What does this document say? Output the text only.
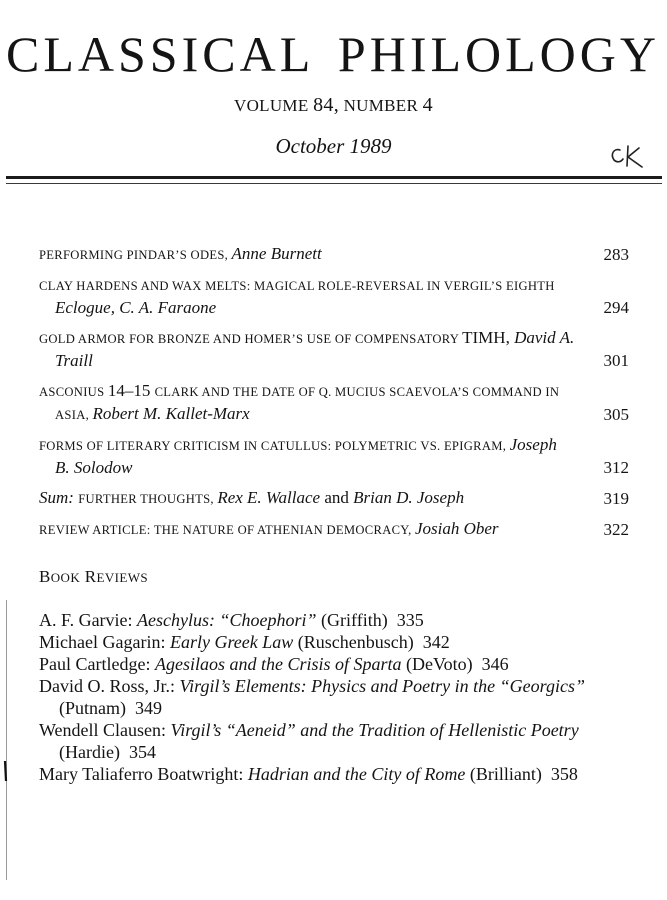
CLASSICAL PHILOLOGY
VOLUME 84, NUMBER 4
October 1989
PERFORMING PINDAR’S ODES, Anne Burnett	283
CLAY HARDENS AND WAX MELTS: MAGICAL ROLE-REVERSAL IN VERGIL’S EIGHTH Eclogue, C. A. Faraone	294
GOLD ARMOR FOR BRONZE AND HOMER’S USE OF COMPENSATORY TIMH, David A. Traill	301
ASCONIUS 14–15 CLARK AND THE DATE OF Q. MUCIUS SCAEVOLA’S COMMAND IN ASIA, Robert M. Kallet-Marx	305
FORMS OF LITERARY CRITICISM IN CATULLUS: POLYMETRIC VS. EPIGRAM, Joseph B. Solodow	312
Sum: FURTHER THOUGHTS, Rex E. Wallace and Brian D. Joseph	319
REVIEW ARTICLE: THE NATURE OF ATHENIAN DEMOCRACY, Josiah Ober	322
BOOK REVIEWS
A. F. Garvie: Aeschylus: “Choephori” (Griffith) 335
Michael Gagarin: Early Greek Law (Ruschenbusch) 342
Paul Cartledge: Agesilaos and the Crisis of Sparta (DeVoto) 346
David O. Ross, Jr.: Virgil’s Elements: Physics and Poetry in the “Georgics” (Putnam) 349
Wendell Clausen: Virgil’s “Aeneid” and the Tradition of Hellenistic Poetry (Hardie) 354
Mary Taliaferro Boatwright: Hadrian and the City of Rome (Brilliant) 358
